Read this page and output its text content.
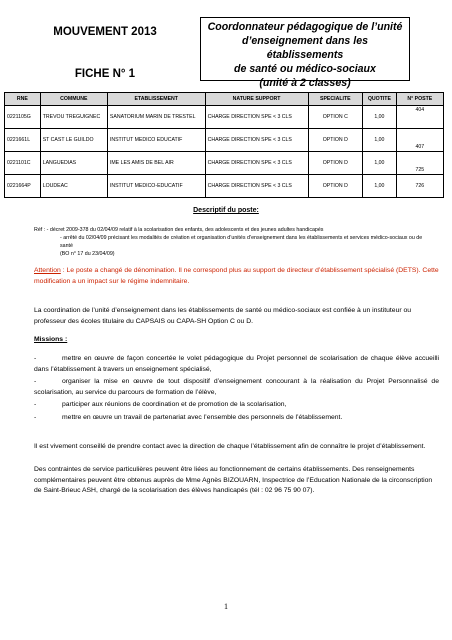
MOUVEMENT 2013
FICHE N° 1
Coordonnateur pédagogique de l’unité
d’enseignement dans les établissements
de santé ou médico-sociaux
(unité à 2 classes)
RNE	COMMUNE	ETABLISSEMENT	NATURE SUPPORT	SPECIALITE	QUOTITE	N° POSTE
0221105G	TREVOU TREGUIGNEC	SANATORIUM MARIN DE TRESTEL	CHARGE DIRECTION SPE < 3 CLS	OPTION C	1,00	404
0221661L	ST CAST LE GUILDO	INSTITUT MEDICO EDUCATIF	CHARGE DIRECTION SPE < 3 CLS	OPTION D	1,00	407
0221101C	LANGUEDIAS	IME LES AMIS DE BEL AIR	CHARGE DIRECTION SPE < 3 CLS	OPTION D	1,00	725
0221664P	LOUDEAC	INSTITUT MEDICO-EDUCATIF	CHARGE DIRECTION SPE < 3 CLS	OPTION D	1,00	726
Descriptif du poste:
Réf : - décret 2009-378 du 02/04/09 relatif à la scolarisation des enfants, des adolescents et des jeunes adultes handicapés
- arrêté du 02/04/09 précisant les modalités de création et organisation d’unités d’enseignement dans les établissements et services médico-sociaux ou de santé
(BO n° 17 du 23/04/09)
Attention : Le poste a changé de dénomination. Il ne correspond plus au support de directeur d’établissement spécialisé (DETS). Cette modification a un impact sur le régime indemnitaire.
La coordination de l’unité d’enseignement dans les établissements de santé ou médico-sociaux est confiée à un instituteur ou professeur des écoles titulaire du CAPSAIS ou CAPA-SH Option C ou D.
Missions :
-	mettre en œuvre de façon concertée le volet pédagogique du Projet personnel de scolarisation de chaque élève accueilli dans l’établissement à travers un enseignement spécialisé,
-	organiser la mise en œuvre de tout dispositif d’enseignement concourant à la réalisation du Projet Personnalisé de scolarisation, au service du parcours de formation de l’élève,
-	participer aux réunions de coordination et de promotion de la scolarisation,
-	mettre en œuvre un travail de partenariat avec l’ensemble des personnels de l’établissement.
Il est vivement conseillé de prendre contact avec la direction de chaque l’établissement afin de connaître le projet d’établissement.
Des contraintes de service particulières peuvent être liées au fonctionnement de certains établissements. Des renseignements complémentaires peuvent être obtenus auprès de Mme Agnès BIZOUARN, Inspectrice de l’Education Nationale de la circonscription de Saint-Brieuc ASH, chargé de la scolarisation des élèves handicapés (tél : 02 96 75 90 07).
1
